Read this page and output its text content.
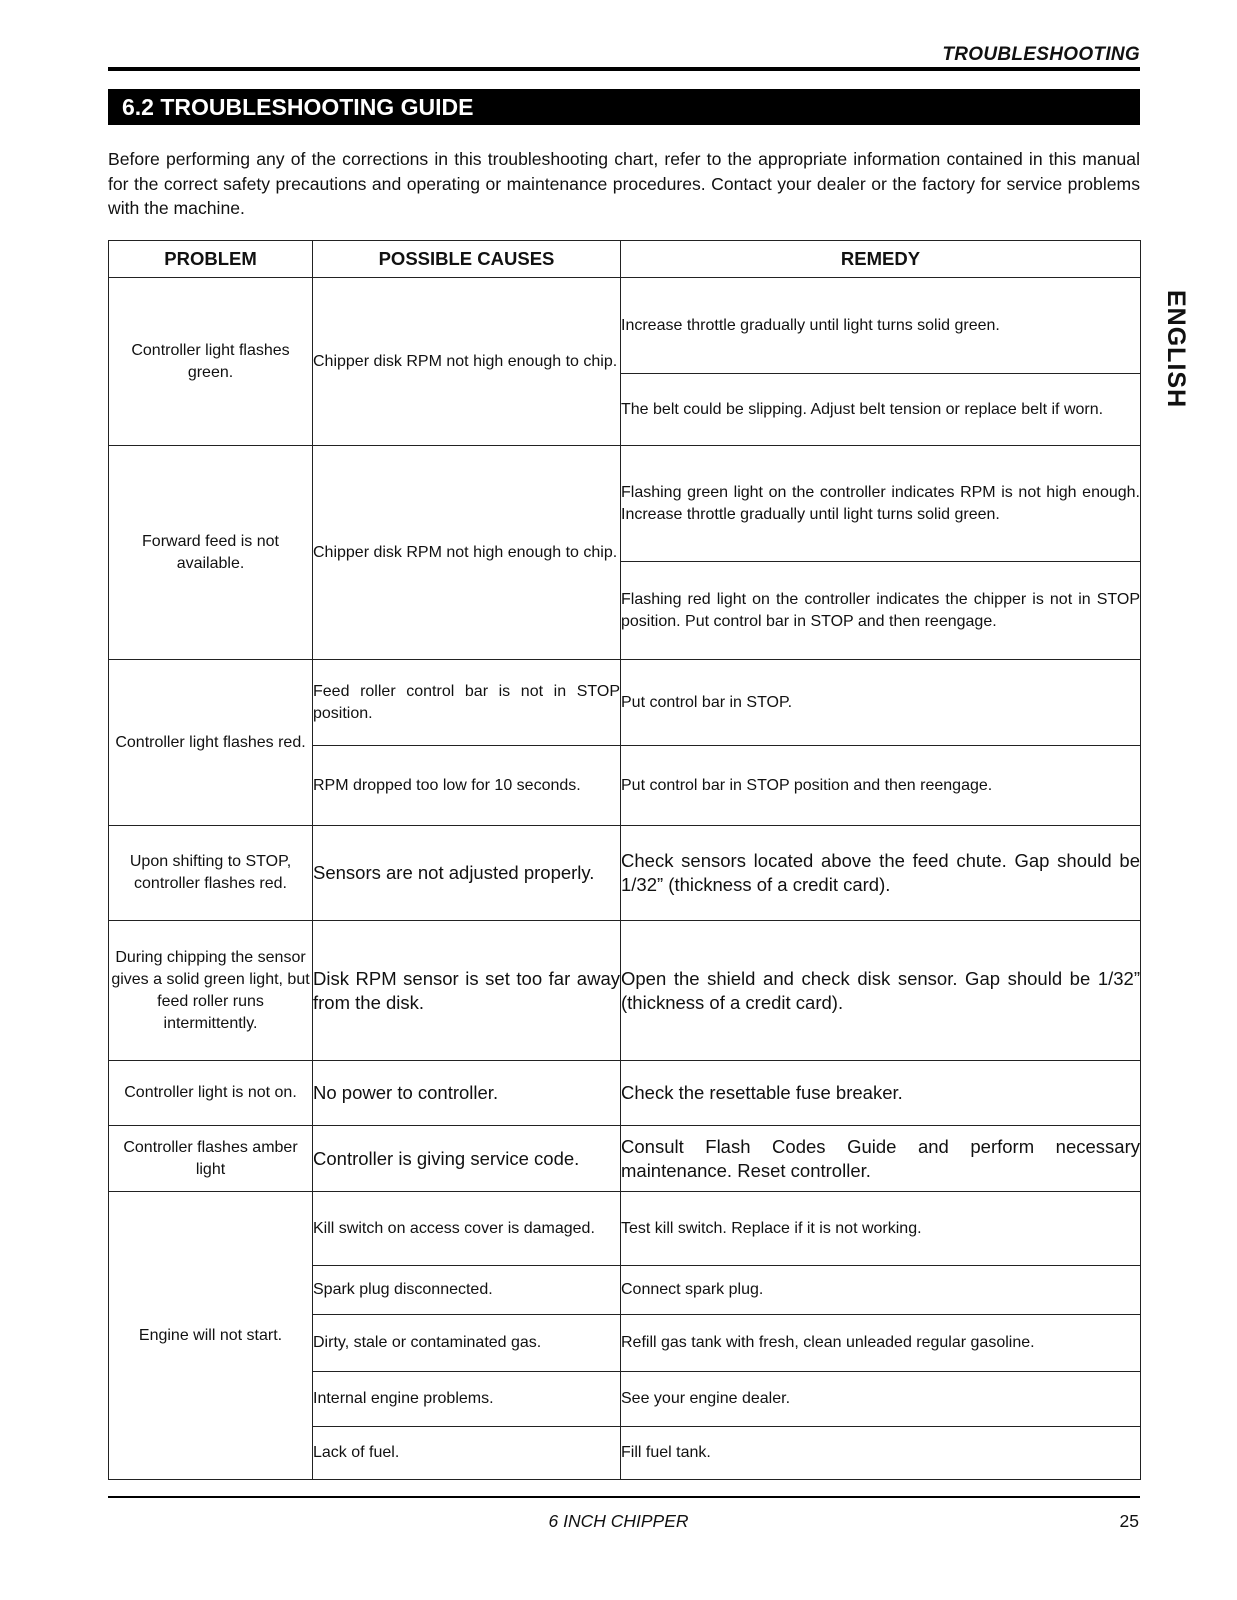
TROUBLESHOOTING
6.2 TROUBLESHOOTING GUIDE

Before performing any of the corrections in this troubleshooting chart, refer to the appropriate information contained in this manual for the correct safety precautions and operating or maintenance procedures. Contact your dealer or the factory for service problems with the machine.

ENGLISH
PROBLEM	POSSIBLE CAUSES	REMEDY
Controller light flashes green.	Chipper disk RPM not high enough to chip.	Increase throttle gradually until light turns solid green.
		The belt could be slipping. Adjust belt tension or replace belt if worn.
Forward feed is not available.	Chipper disk RPM not high enough to chip.	Flashing green light on the controller indicates RPM is not high enough. Increase throttle gradually until light turns solid green.
		Flashing red light on the controller indicates the chipper is not in STOP position. Put control bar in STOP and then reengage.
Controller light flashes red.	Feed roller control bar is not in STOP position.	Put control bar in STOP.
	RPM dropped too low for 10 seconds.	Put control bar in STOP position and then reengage.
Upon shifting to STOP, controller flashes red.	Sensors are not adjusted properly.	Check sensors located above the feed chute. Gap should be 1/32” (thickness of a credit card).
During chipping the sensor gives a solid green light, but feed roller runs intermittently.	Disk RPM sensor is set too far away from the disk.	Open the shield and check disk sensor. Gap should be 1/32” (thickness of a credit card).
Controller light is not on.	No power to controller.	Check the resettable fuse breaker.
Controller flashes amber light	Controller is giving service code.	Consult Flash Codes Guide and perform necessary maintenance. Reset controller.
Engine will not start.	Kill switch on access cover is damaged.	Test kill switch. Replace if it is not working.
	Spark plug disconnected.	Connect spark plug.
	Dirty, stale or contaminated gas.	Refill gas tank with fresh, clean unleaded regular gasoline.
	Internal engine problems.	See your engine dealer.
	Lack of fuel.	Fill fuel tank.
6 INCH CHIPPER	25
